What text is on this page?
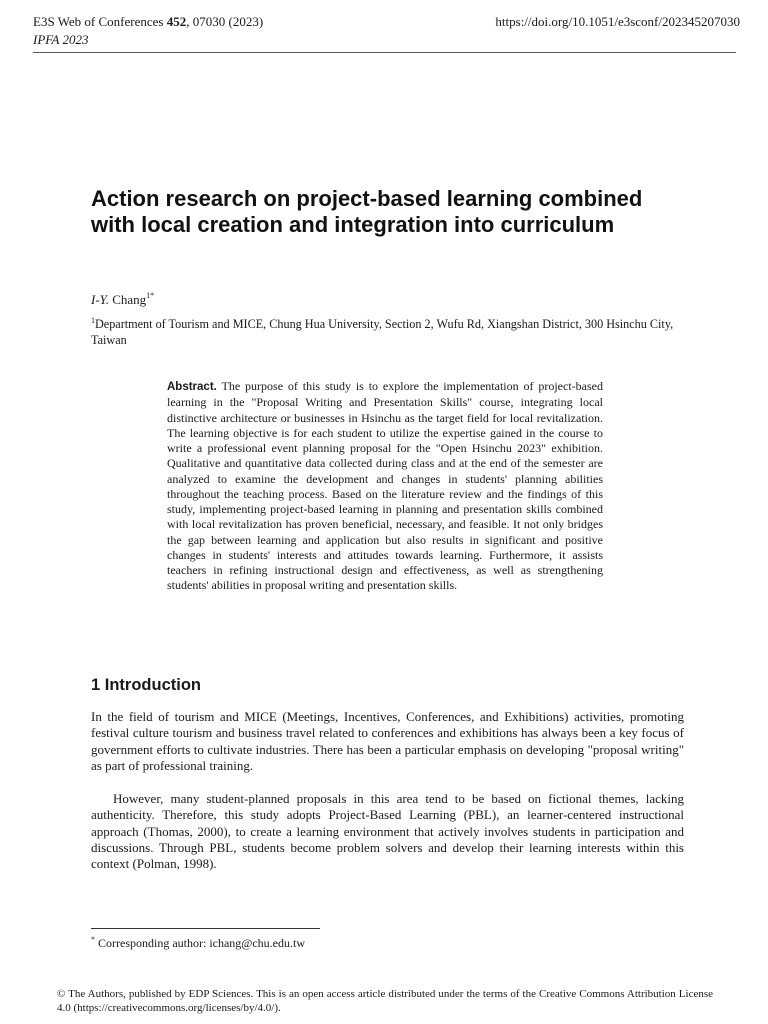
E3S Web of Conferences 452, 07030 (2023)	https://doi.org/10.1051/e3sconf/202345207030
IPFA 2023
Action research on project-based learning combined with local creation and integration into curriculum
I-Y. Chang$^{1*}$
$^1$Department of Tourism and MICE, Chung Hua University, Section 2, Wufu Rd, Xiangshan District, 300 Hsinchu City, Taiwan
Abstract. The purpose of this study is to explore the implementation of project-based learning in the "Proposal Writing and Presentation Skills" course, integrating local distinctive architecture or businesses in Hsinchu as the target field for local revitalization. The learning objective is for each student to utilize the expertise gained in the course to write a professional event planning proposal for the "Open Hsinchu 2023" exhibition. Qualitative and quantitative data collected during class and at the end of the semester are analyzed to examine the development and changes in students' planning abilities throughout the teaching process. Based on the literature review and the findings of this study, implementing project-based learning in planning and presentation skills combined with local revitalization has proven beneficial, necessary, and feasible. It not only bridges the gap between learning and application but also results in significant and positive changes in students' interests and attitudes towards learning. Furthermore, it assists teachers in refining instructional design and effectiveness, as well as strengthening students' abilities in proposal writing and presentation skills.
1 Introduction

In the field of tourism and MICE (Meetings, Incentives, Conferences, and Exhibitions) activities, promoting festival culture tourism and business travel related to conferences and exhibitions has always been a key focus of government efforts to cultivate industries. There has been a particular emphasis on developing "proposal writing" as part of professional training.

However, many student-planned proposals in this area tend to be based on fictional themes, lacking authenticity. Therefore, this study adopts Project-Based Learning (PBL), an learner-centered instructional approach (Thomas, 2000), to create a learning environment that actively involves students in participation and discussions. Through PBL, students become problem solvers and develop their learning interests within this context (Polman, 1998).

* Corresponding author: ichang@chu.edu.tw
© The Authors, published by EDP Sciences. This is an open access article distributed under the terms of the Creative Commons Attribution License 4.0 (https://creativecommons.org/licenses/by/4.0/).
